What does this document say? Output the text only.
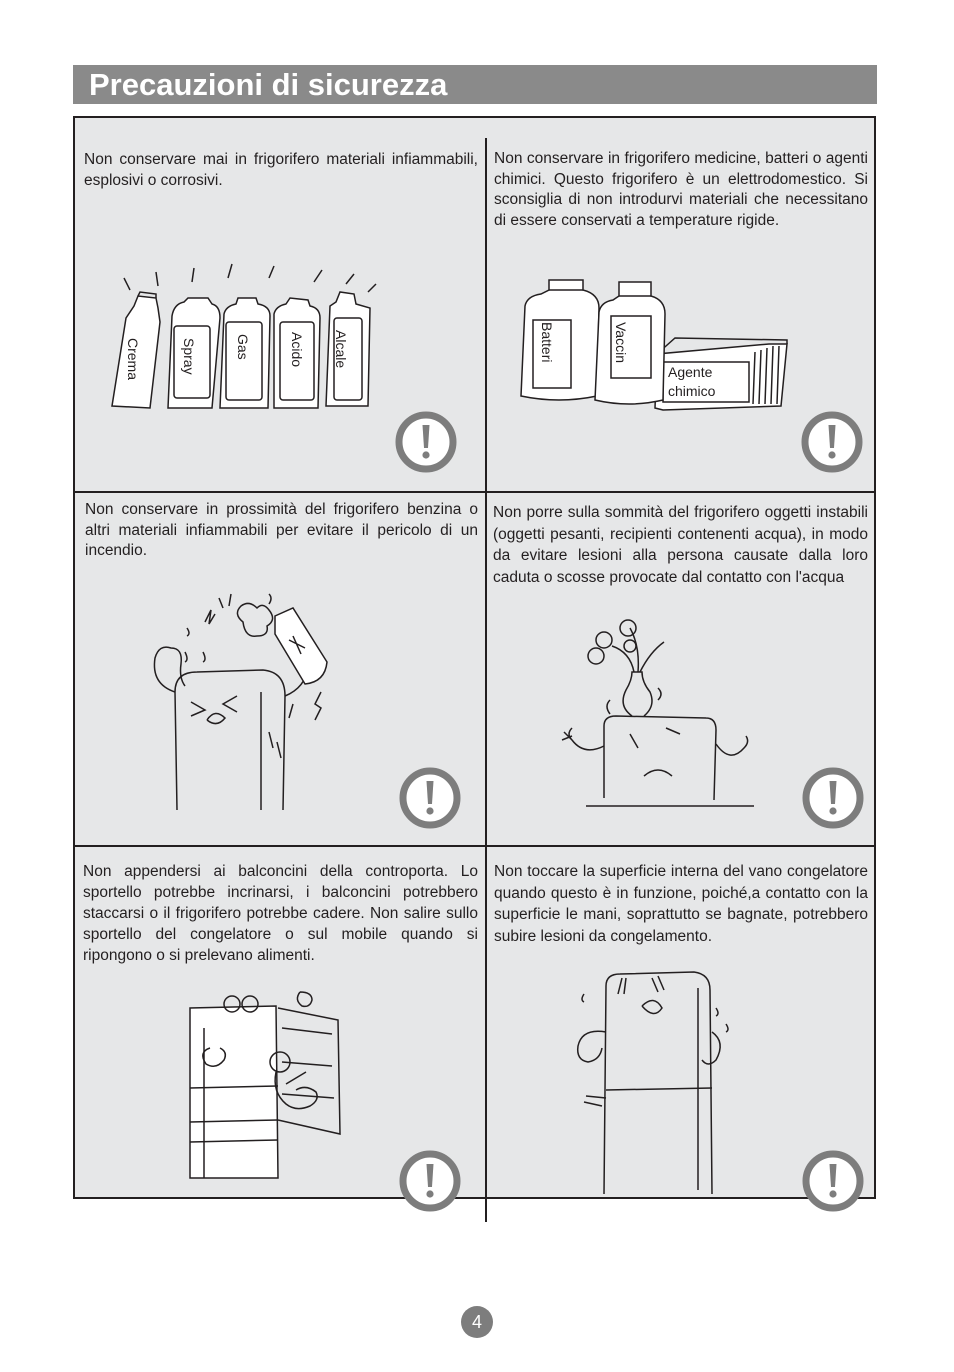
Precauzioni di sicurezza

Non conservare mai in frigorifero materiali infiammabili, esplosivi o corrosivi.

Crema	Spray	Gas	Acido Alcale

Non conservare in frigorifero medicine, batteri o agenti chimici. Questo frigorifero è un elettrodomestico. Si sconsiglia di non introdurvi materiali che necessitano di essere conservati a temperature rigide.

Batteri	Vaccin
Agente
chimico

Non conservare in prossimità del frigorifero benzina o altri materiali infiammabili per evitare il pericolo di un incendio.

Non porre sulla sommità del frigorifero oggetti instabili (oggetti pesanti, recipienti contenenti acqua), in modo da evitare lesioni alla persona causate dalla loro caduta o scosse provocate dal contatto con l'acqua

Non appendersi ai balconcini della controporta. Lo sportello potrebbe incrinarsi, i balconcini potrebbero staccarsi o il frigorifero potrebbe cadere. Non salire sullo sportello del congelatore o sul mobile quando si ripongono o si prelevano alimenti.

Non toccare la superficie interna del vano congelatore quando questo è in funzione, poiché,a contatto con la superficie le mani, soprattutto se bagnate, potrebbero subire lesioni da congelamento.

4
